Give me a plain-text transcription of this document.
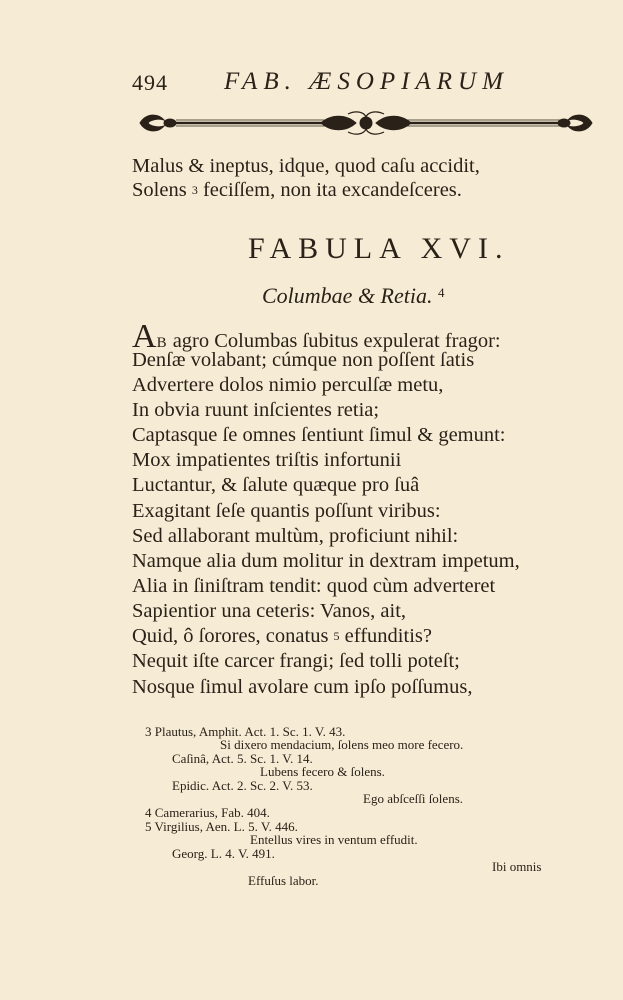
494 FAB. ÆSOPIARUM
Malus & ineptus, idque, quod caſu accidit,
Solens 3 feciſſem, non ita excandeſceres.
FABULA XVI.
Columbae & Retia. $^4$
AB agro Columbas ſubitus expulerat fragor:
Denſæ volabant; cúmque non poſſent ſatis
Advertere dolos nimio perculſæ metu,
In obvia ruunt inſcientes retia;
Captasque ſe omnes ſentiunt ſimul & gemunt:
Mox impatientes triſtis infortunii
Luctantur, & ſalute quæque pro ſuâ
Exagitant ſeſe quantis poſſunt viribus:
Sed allaborant multùm, proficiunt nihil:
Namque alia dum molitur in dextram impetum,
Alia in ſiniſtram tendit: quod cùm adverteret
Sapientior una ceteris: Vanos, ait,
Quid, ô ſorores, conatus 5 effunditis?
Nequit iſte carcer frangi; ſed tolli poteſt;
Nosque ſimul avolare cum ipſo poſſumus,
3 Plautus, Amphit. Act. 1. Sc. 1. V. 43.
Si dixero mendacium, ſolens meo more fecero.
Caſinâ, Act. 5. Sc. 1. V. 14.
Lubens fecero & ſolens.
Epidic. Act. 2. Sc. 2. V. 53.
Ego abſceſſi ſolens.
4 Camerarius, Fab. 404.
5 Virgilius, Aen. L. 5. V. 446.
Entellus vires in ventum effudit.
Georg. L. 4. V. 491.
Ibi omnis
Effuſus labor.
